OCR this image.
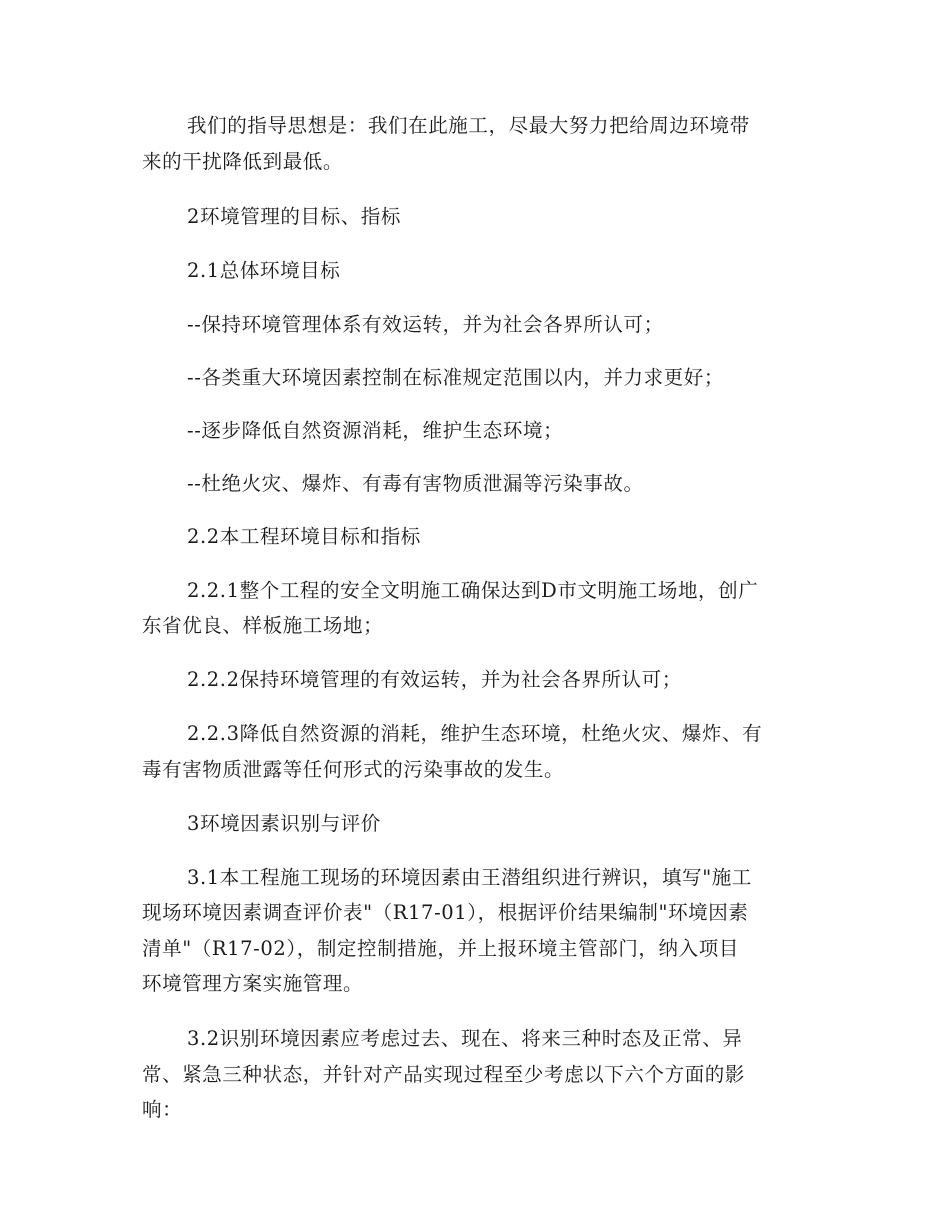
我们的指导思想是：我们在此施工，尽最大努力把给周边环境带
来的干扰降低到最低。
2环境管理的目标、指标
2.1总体环境目标
--保持环境管理体系有效运转，并为社会各界所认可；
--各类重大环境因素控制在标准规定范围以内，并力求更好；
--逐步降低自然资源消耗，维护生态环境；
--杜绝火灾、爆炸、有毒有害物质泄漏等污染事故。
2.2本工程环境目标和指标
2.2.1整个工程的安全文明施工确保达到D市文明施工场地，创广
东省优良、样板施工场地；
2.2.2保持环境管理的有效运转，并为社会各界所认可；
2.2.3降低自然资源的消耗，维护生态环境，杜绝火灾、爆炸、有
毒有害物质泄露等任何形式的污染事故的发生。
3环境因素识别与评价
3.1本工程施工现场的环境因素由王潜组织进行辨识，填写"施工
现场环境因素调查评价表"（R17-01），根据评价结果编制"环境因素
清单"（R17-02），制定控制措施，并上报环境主管部门，纳入项目
环境管理方案实施管理。
3.2识别环境因素应考虑过去、现在、将来三种时态及正常、异
常、紧急三种状态，并针对产品实现过程至少考虑以下六个方面的影
响：
